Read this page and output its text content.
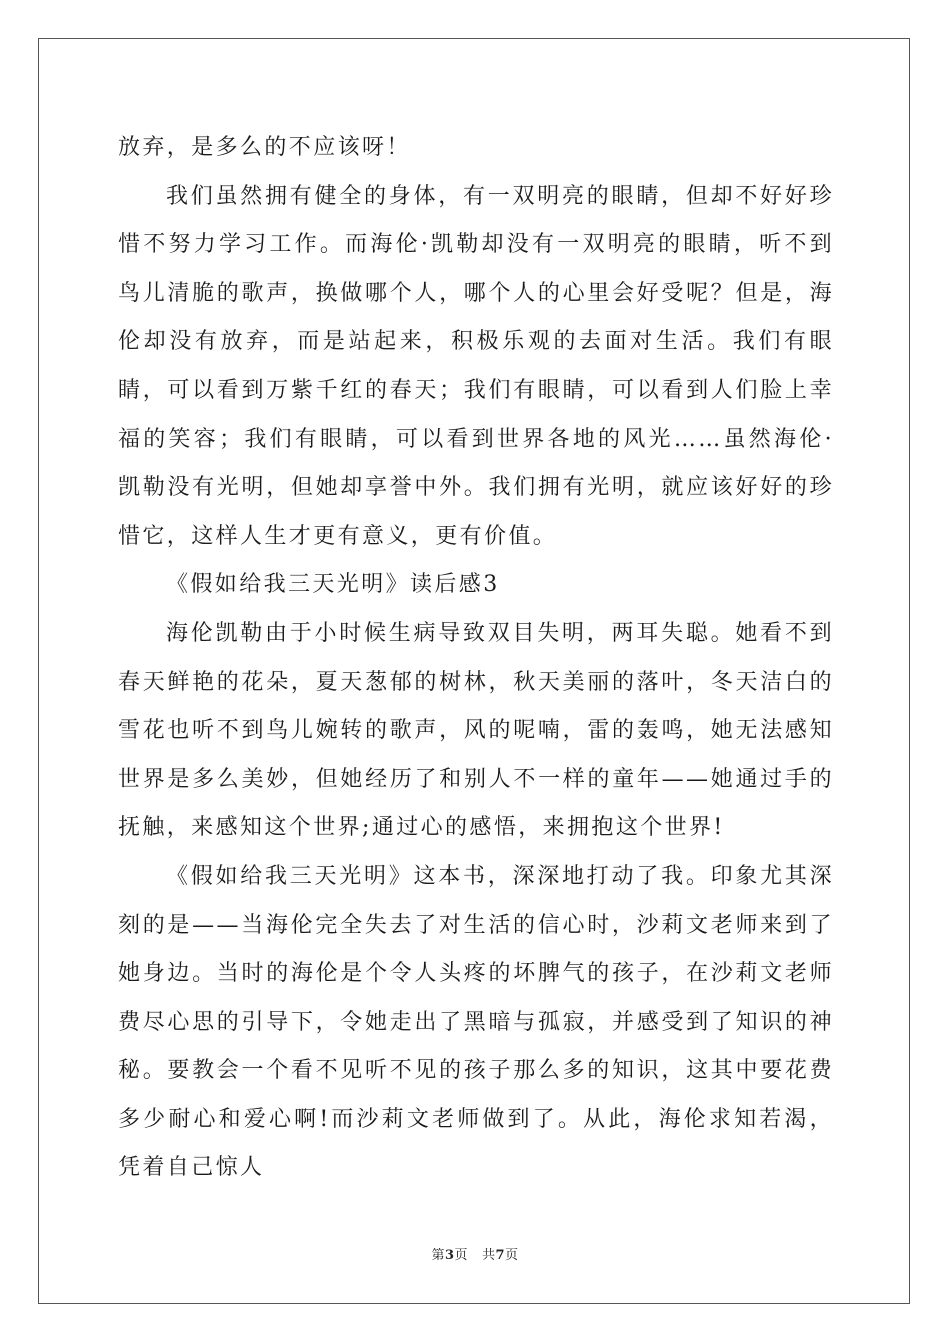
放弃，是多么的不应该呀！

我们虽然拥有健全的身体，有一双明亮的眼睛，但却不好好珍惜不努力学习工作。而海伦·凯勒却没有一双明亮的眼睛，听不到鸟儿清脆的歌声，换做哪个人，哪个人的心里会好受呢？但是，海伦却没有放弃，而是站起来，积极乐观的去面对生活。我们有眼睛，可以看到万紫千红的春天；我们有眼睛，可以看到人们脸上幸福的笑容；我们有眼睛，可以看到世界各地的风光……虽然海伦·凯勒没有光明，但她却享誉中外。我们拥有光明，就应该好好的珍惜它，这样人生才更有意义，更有价值。

《假如给我三天光明》读后感3

海伦凯勒由于小时候生病导致双目失明，两耳失聪。她看不到春天鲜艳的花朵，夏天葱郁的树林，秋天美丽的落叶，冬天洁白的雪花也听不到鸟儿婉转的歌声，风的呢喃，雷的轰鸣，她无法感知世界是多么美妙，但她经历了和别人不一样的童年——她通过手的抚触，来感知这个世界;通过心的感悟，来拥抱这个世界!

《假如给我三天光明》这本书，深深地打动了我。印象尤其深刻的是——当海伦完全失去了对生活的信心时，沙莉文老师来到了她身边。当时的海伦是个令人头疼的坏脾气的孩子，在沙莉文老师费尽心思的引导下，令她走出了黑暗与孤寂，并感受到了知识的神秘。要教会一个看不见听不见的孩子那么多的知识，这其中要花费多少耐心和爱心啊!而沙莉文老师做到了。从此，海伦求知若渴，凭着自己惊人

第3页 共7页
